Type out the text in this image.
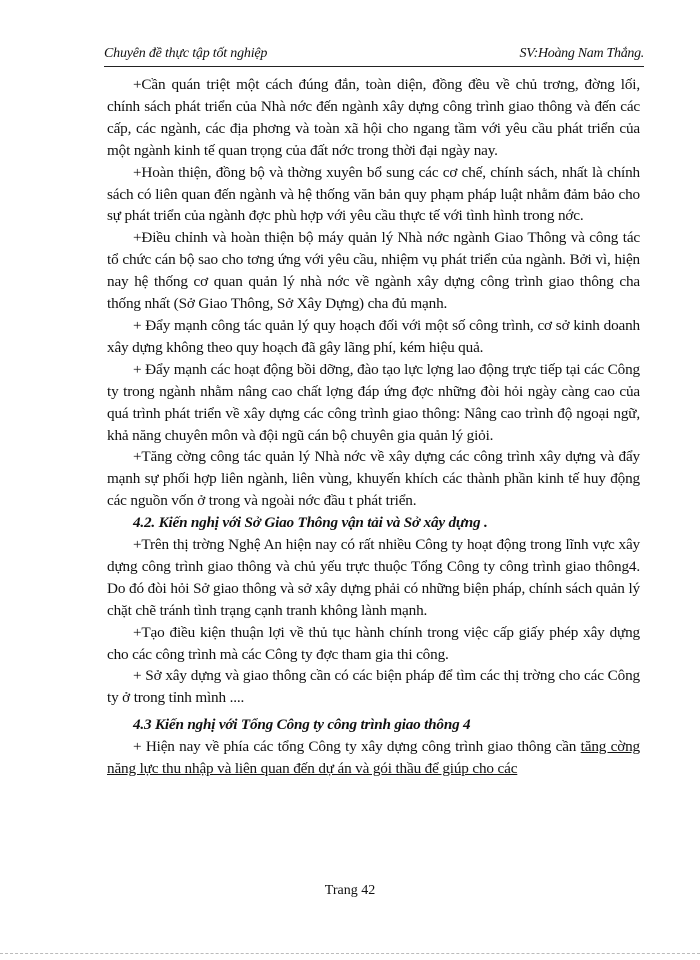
Chuyên đề thực tập tốt nghiệp	SV:Hoàng Nam Thắng.

+Cần quán triệt một cách đúng đắn, toàn diện, đồng đều về chủ trơng, đờng lối, chính sách phát triển của Nhà nớc đến ngành xây dựng công trình giao thông và đến các cấp, các ngành, các địa phơng và toàn xã hội cho ngang tầm với yêu cầu phát triển của một ngành kinh tế quan trọng của đất nớc trong thời đại ngày nay.

+Hoàn thiện, đồng bộ và thờng xuyên bổ sung các cơ chế, chính sách, nhất là chính sách có liên quan đến ngành và hệ thống văn bản quy phạm pháp luật nhằm đảm bảo cho sự phát triển của ngành đợc phù hợp với yêu cầu thực tế với tình hình trong nớc.

+Điều chỉnh và hoàn thiện bộ máy quản lý Nhà nớc ngành Giao Thông và công tác tổ chức cán bộ sao cho tơng ứng với yêu cầu, nhiệm vụ phát triển của ngành. Bởi vì, hiện nay hệ thống cơ quan quản lý nhà nớc về ngành xây dựng công trình giao thông cha thống nhất (Sở Giao Thông, Sở Xây Dựng) cha đủ mạnh.

+ Đẩy mạnh công tác quản lý quy hoạch đối với một số công trình, cơ sở kinh doanh xây dựng không theo quy hoạch đã gây lãng phí, kém hiệu quả.

+ Đẩy mạnh các hoạt động bồi dỡng, đào tạo lực lợng lao động trực tiếp tại các Công ty trong ngành nhằm nâng cao chất lợng đáp ứng đợc những đòi hỏi ngày càng cao của quá trình phát triển về xây dựng các công trình giao thông: Nâng cao trình độ ngoại ngữ, khả năng chuyên môn và đội ngũ cán bộ chuyên gia quản lý giỏi.

+Tăng cờng công tác quản lý Nhà nớc về xây dựng các công trình xây dựng và đẩy mạnh sự phối hợp liên ngành, liên vùng, khuyến khích các thành phần kinh tế huy động các nguồn vốn ở trong và ngoài nớc đầu t phát triển.

4.2. Kiến nghị với Sở Giao Thông vận tải và Sở xây dựng .

+Trên thị trờng Nghệ An hiện nay có rất nhiều Công ty hoạt động trong lĩnh vực xây dựng công trình giao thông và chủ yếu trực thuộc Tổng Công ty công trình giao thông4. Do đó đòi hỏi Sở giao thông và sở xây dựng phải có những biện pháp, chính sách quản lý chặt chẽ tránh tình trạng cạnh tranh không lành mạnh.

+Tạo điều kiện thuận lợi về thủ tục hành chính trong việc cấp giấy phép xây dựng cho các công trình mà các Công ty đợc tham gia thi công.

+ Sở xây dựng và giao thông cần có các biện pháp để tìm các thị trờng cho các Công ty ở trong tỉnh mình ....

4.3 Kiến nghị với Tổng Công ty công trình giao thông 4

+ Hiện nay về phía các tổng Công ty xây dựng công trình giao thông cần tăng cờng năng lực thu nhập và liên quan đến dự án và gói thầu để giúp cho các

Trang 42
